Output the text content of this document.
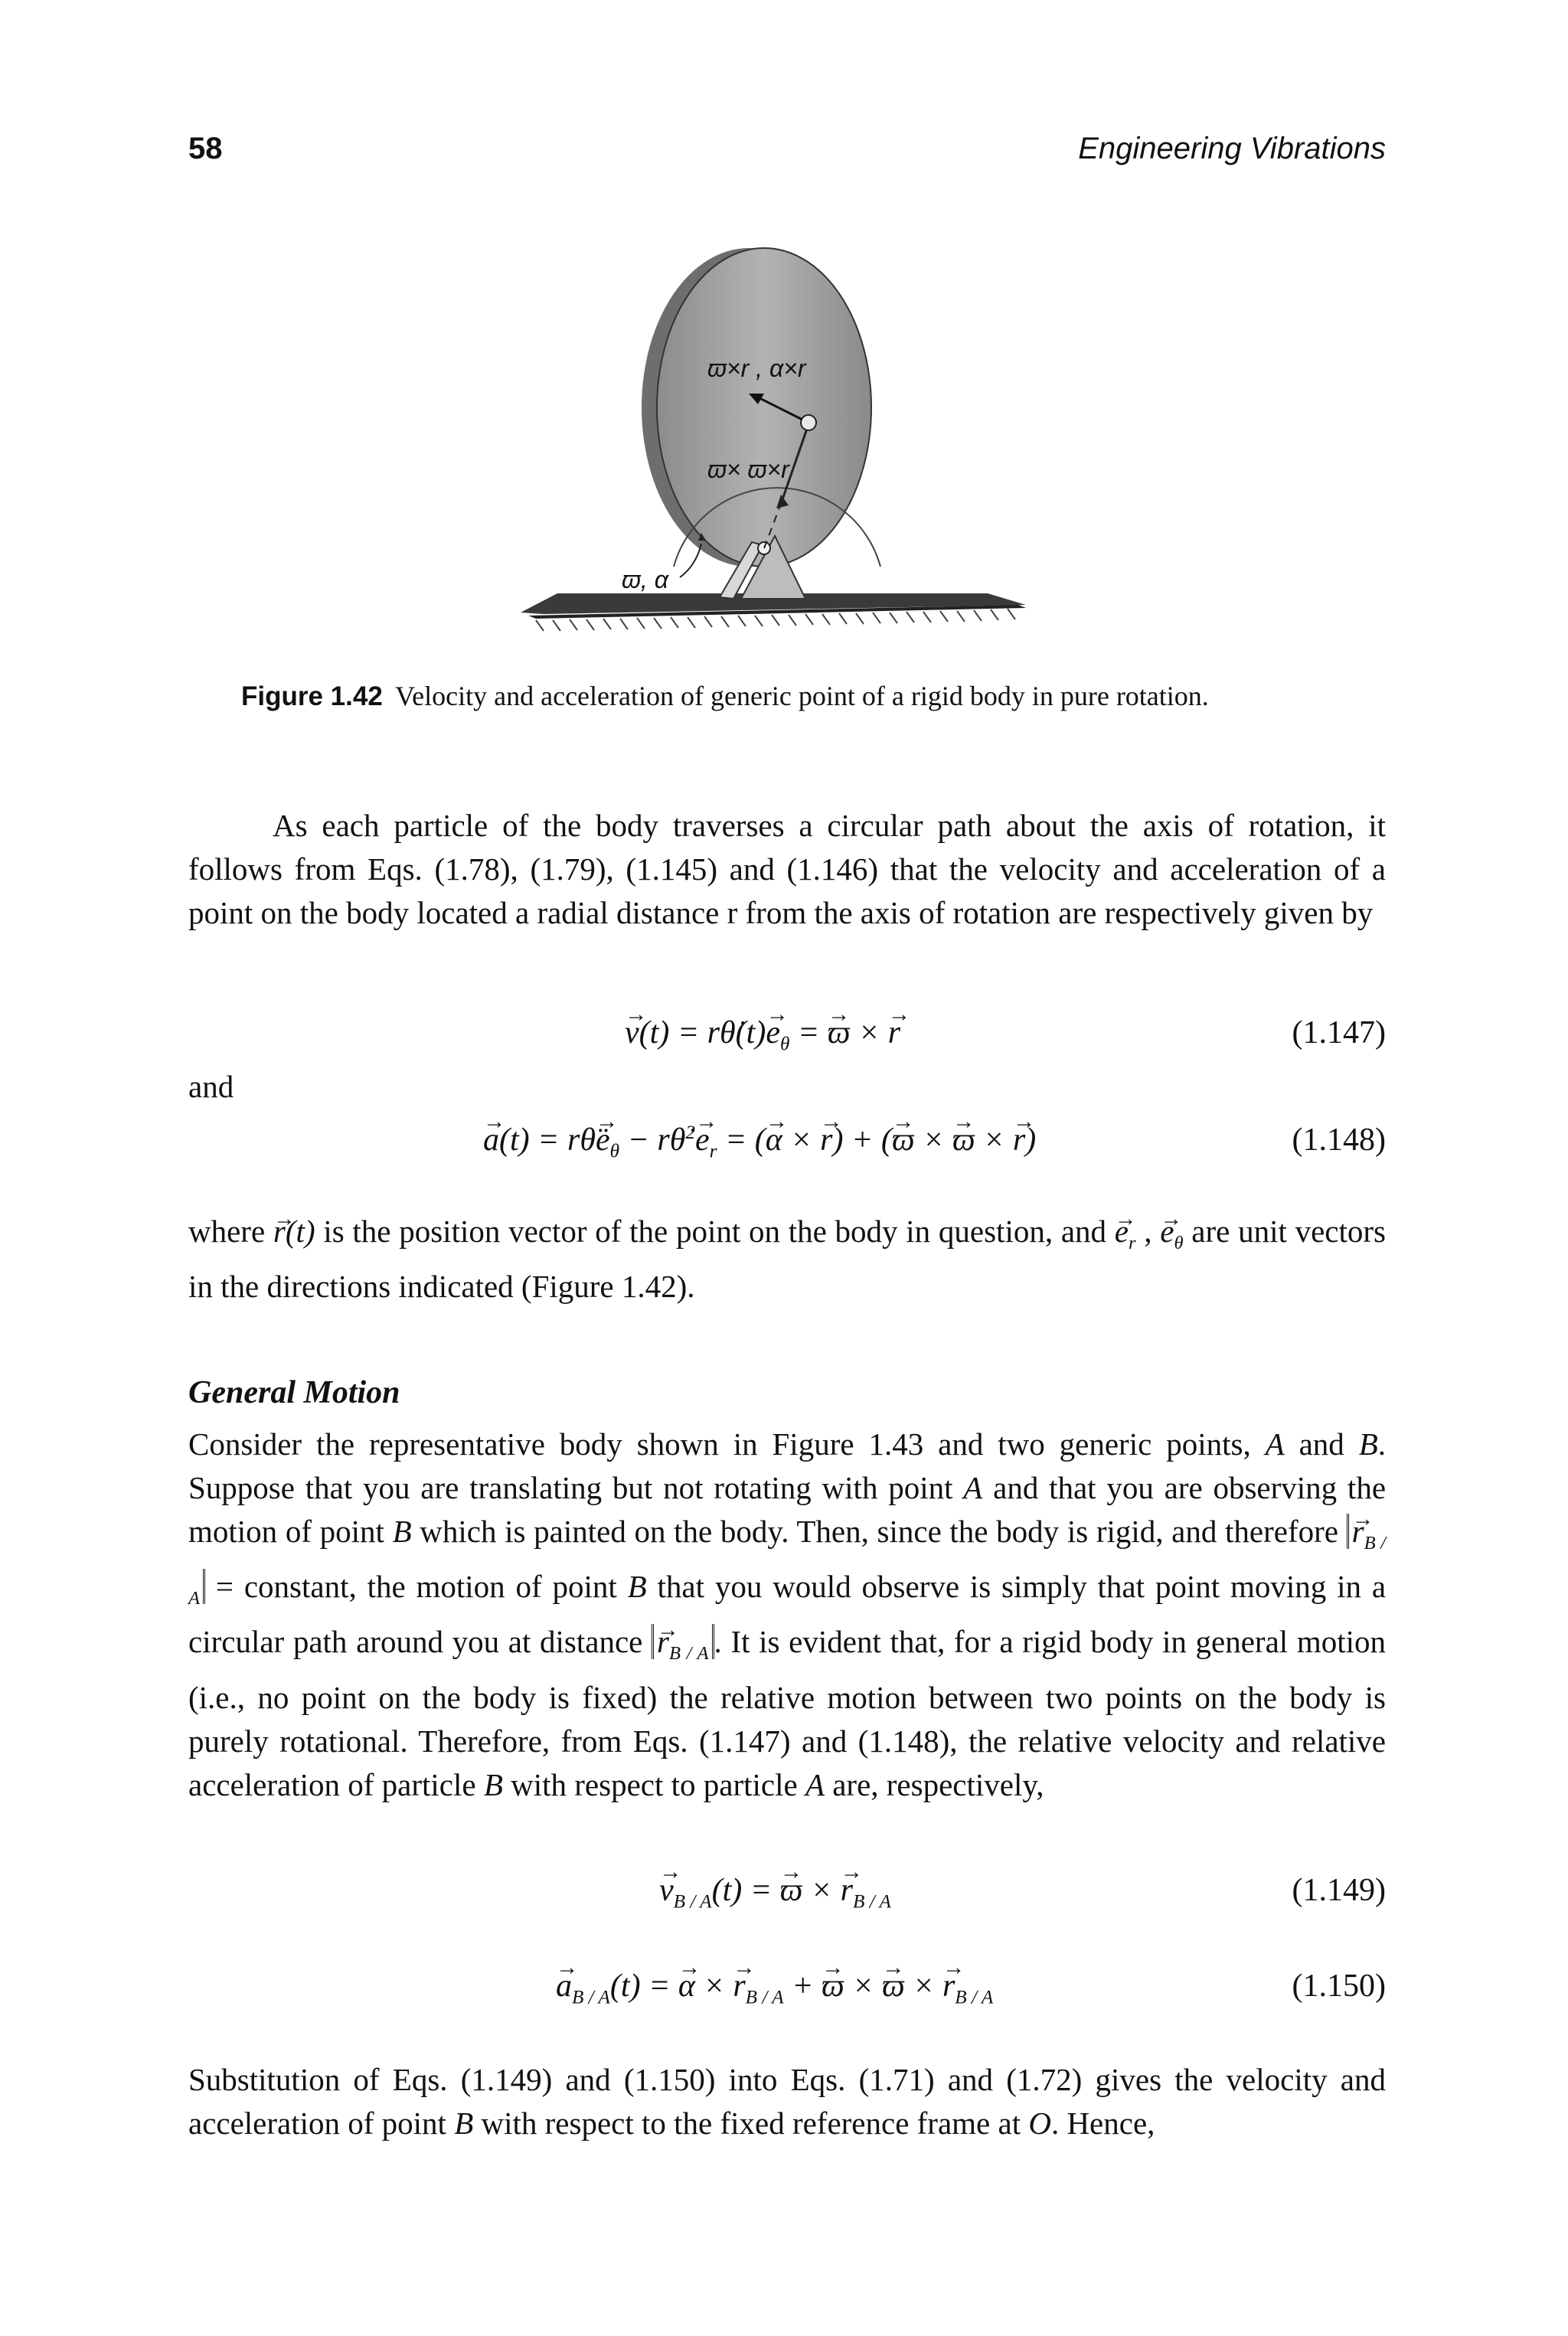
58	Engineering Vibrations
ϖ×r , α×r
ϖ× ϖ×r
ϖ, α
Figure 1.42 Velocity and acceleration of generic point of a rigid body in pure rotation.

As each particle of the body traverses a circular path about the axis of rotation, it follows from Eqs. (1.78), (1.79), (1.145) and (1.146) that the velocity and acceleration of a point on the body located a radial distance r from the axis of rotation are respectively given by

→ v(t) = rθ̇(t)→ $e_\theta$ = → ϖ × → r	(1.147)
and
→ a(t) = rθ̈→ $e_\theta$ − rθ̇$^2$→ $e_r$ = (→ α × → r) + (→ ϖ × → ϖ × → r)	(1.148)

where → r(t) is the position vector of the point on the body in question, and → $e_r$ , → $e_\theta$ are unit vectors in the directions indicated (Figure 1.42).

General Motion

Consider the representative body shown in Figure 1.43 and two generic points, A and B. Suppose that you are translating but not rotating with point A and that you are observing the motion of point B which is painted on the body. Then, since the body is rigid, and therefore → $r_{B / A}$ = constant, the motion of point B that you would observe is simply that point moving in a circular path around you at distance → $r_{B / A}$ . It is evident that, for a rigid body in general motion (i.e., no point on the body is fixed) the relative motion between two points on the body is purely rotational. Therefore, from Eqs. (1.147) and (1.148), the relative velocity and relative acceleration of particle B with respect to particle A are, respectively,

→ $v_{B / A}(t)$ = → ϖ × → $r_{B / A}$	(1.149)
→ $a_{B / A}(t)$ = → α × → $r_{B / A}$ + → ϖ × → ϖ × → $r_{B / A}$	(1.150)

Substitution of Eqs. (1.149) and (1.150) into Eqs. (1.71) and (1.72) gives the velocity and acceleration of point B with respect to the fixed reference frame at O. Hence,
